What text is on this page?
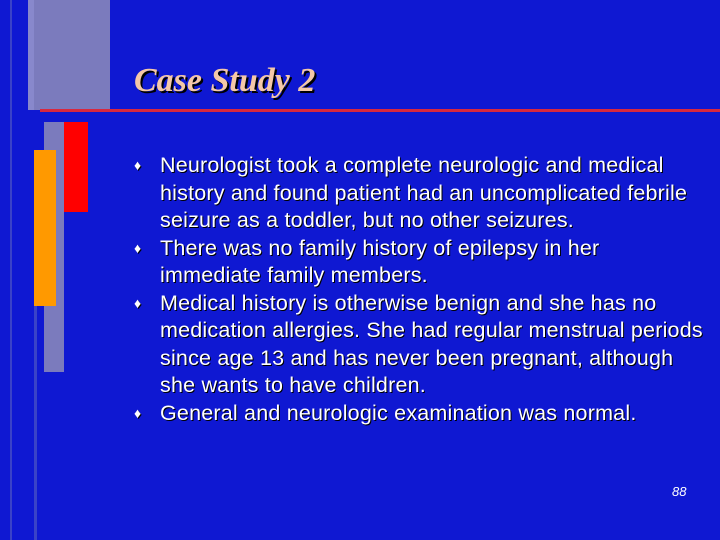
Case Study 2
♦ Neurologist took a complete neurologic and medical history and found patient had an uncomplicated febrile seizure as a toddler, but no other seizures.
♦ There was no family history of epilepsy in her immediate family members.
♦ Medical history is otherwise benign and she has no medication allergies. She had regular menstrual periods since age 13 and has never been pregnant, although she wants to have children.
♦ General and neurologic examination was normal.
88
